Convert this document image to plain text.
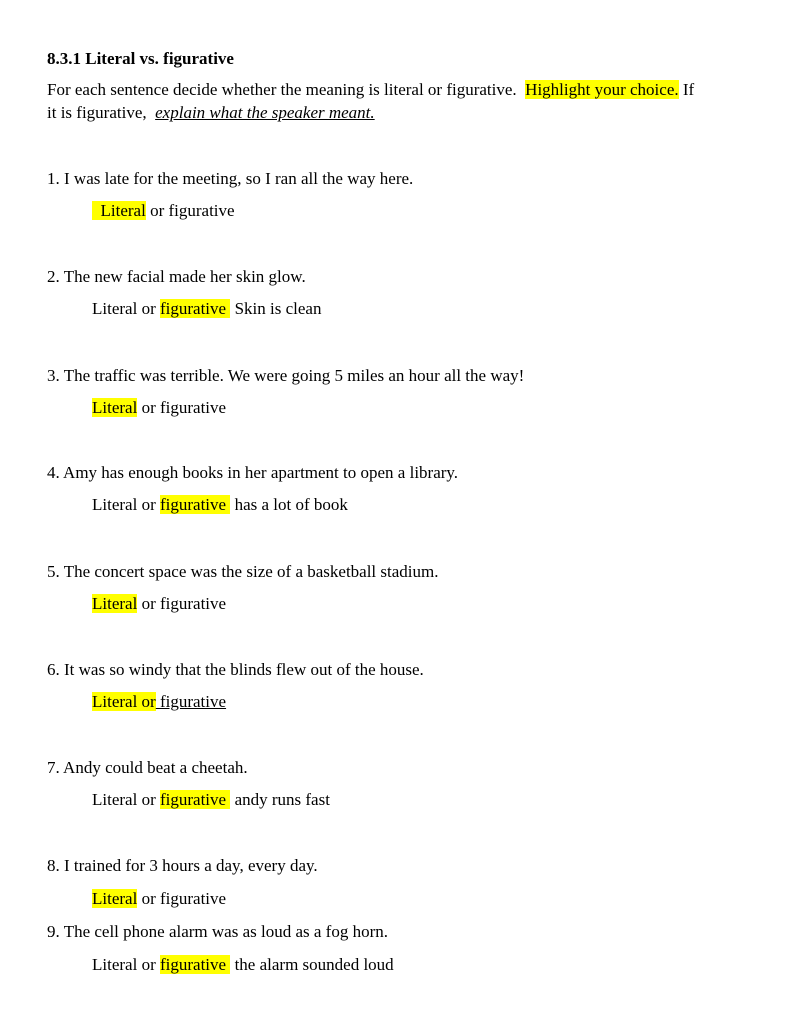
8.3.1 Literal vs. figurative
For each sentence decide whether the meaning is literal or figurative.  Highlight your choice. If
it is figurative,  explain what the speaker meant.
1. I was late for the meeting, so I ran all the way here.
Literal or figurative
2. The new facial made her skin glow.
Literal or figurative  Skin is clean
3. The traffic was terrible. We were going 5 miles an hour all the way!
Literal or figurative
4. Amy has enough books in her apartment to open a library.
Literal or figurative  has a lot of book
5. The concert space was the size of a basketball stadium.
Literal or figurative
6. It was so windy that the blinds flew out of the house.
Literal or figurative
7. Andy could beat a cheetah.
Literal or figurative  andy runs fast
8. I trained for 3 hours a day, every day.
Literal or figurative
9. The cell phone alarm was as loud as a fog horn.
Literal or figurative  the alarm sounded loud
